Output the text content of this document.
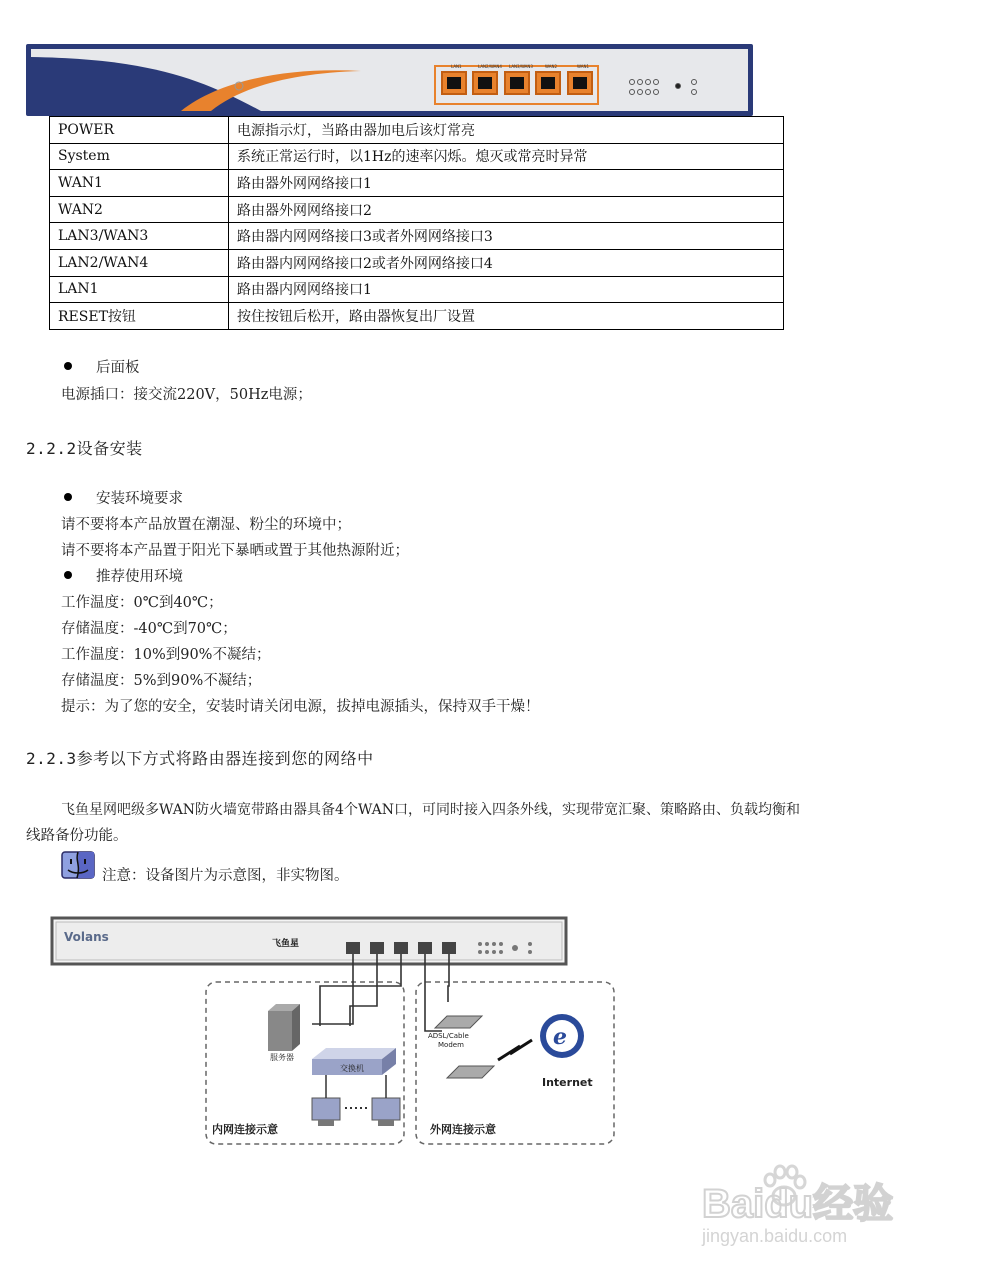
LAN1	LAN2/WAN4 LAN3/WAN3	WAN2	WAN1
POWER	电源指示灯，当路由器加电后该灯常亮
System	系统正常运行时，以1Hz的速率闪烁。熄灭或常亮时异常
WAN1	路由器外网网络接口1
WAN2	路由器外网网络接口2
LAN3/WAN3	路由器内网网络接口3或者外网网络接口3
LAN2/WAN4	路由器内网网络接口2或者外网网络接口4
LAN1	路由器内网网络接口1
RESET按钮	按住按钮后松开，路由器恢复出厂设置
后面板
电源插口：接交流220V，50Hz电源；
2.2.2设备安装
安装环境要求
请不要将本产品放置在潮湿、粉尘的环境中；
请不要将本产品置于阳光下暴晒或置于其他热源附近；
推荐使用环境
工作温度：0℃到40℃；
存储温度：-40℃到70℃；
工作温度：10%到90%不凝结；
存储温度：5%到90%不凝结；
提示：为了您的安全，安装时请关闭电源，拔掉电源插头，保持双手干燥！
2.2.3参考以下方式将路由器连接到您的网络中
飞鱼星网吧级多WAN防火墙宽带路由器具备4个WAN口，可同时接入四条外线，实现带宽汇聚、策略路由、负载均衡和
线路备份功能。
注意：设备图片为示意图，非实物图。
e
Volans	飞鱼星
服务器
交换机
ADSL/Cable
Modem
Internet
内网连接示意	外网连接示意
Baidu经验
jingyan.baidu.com
